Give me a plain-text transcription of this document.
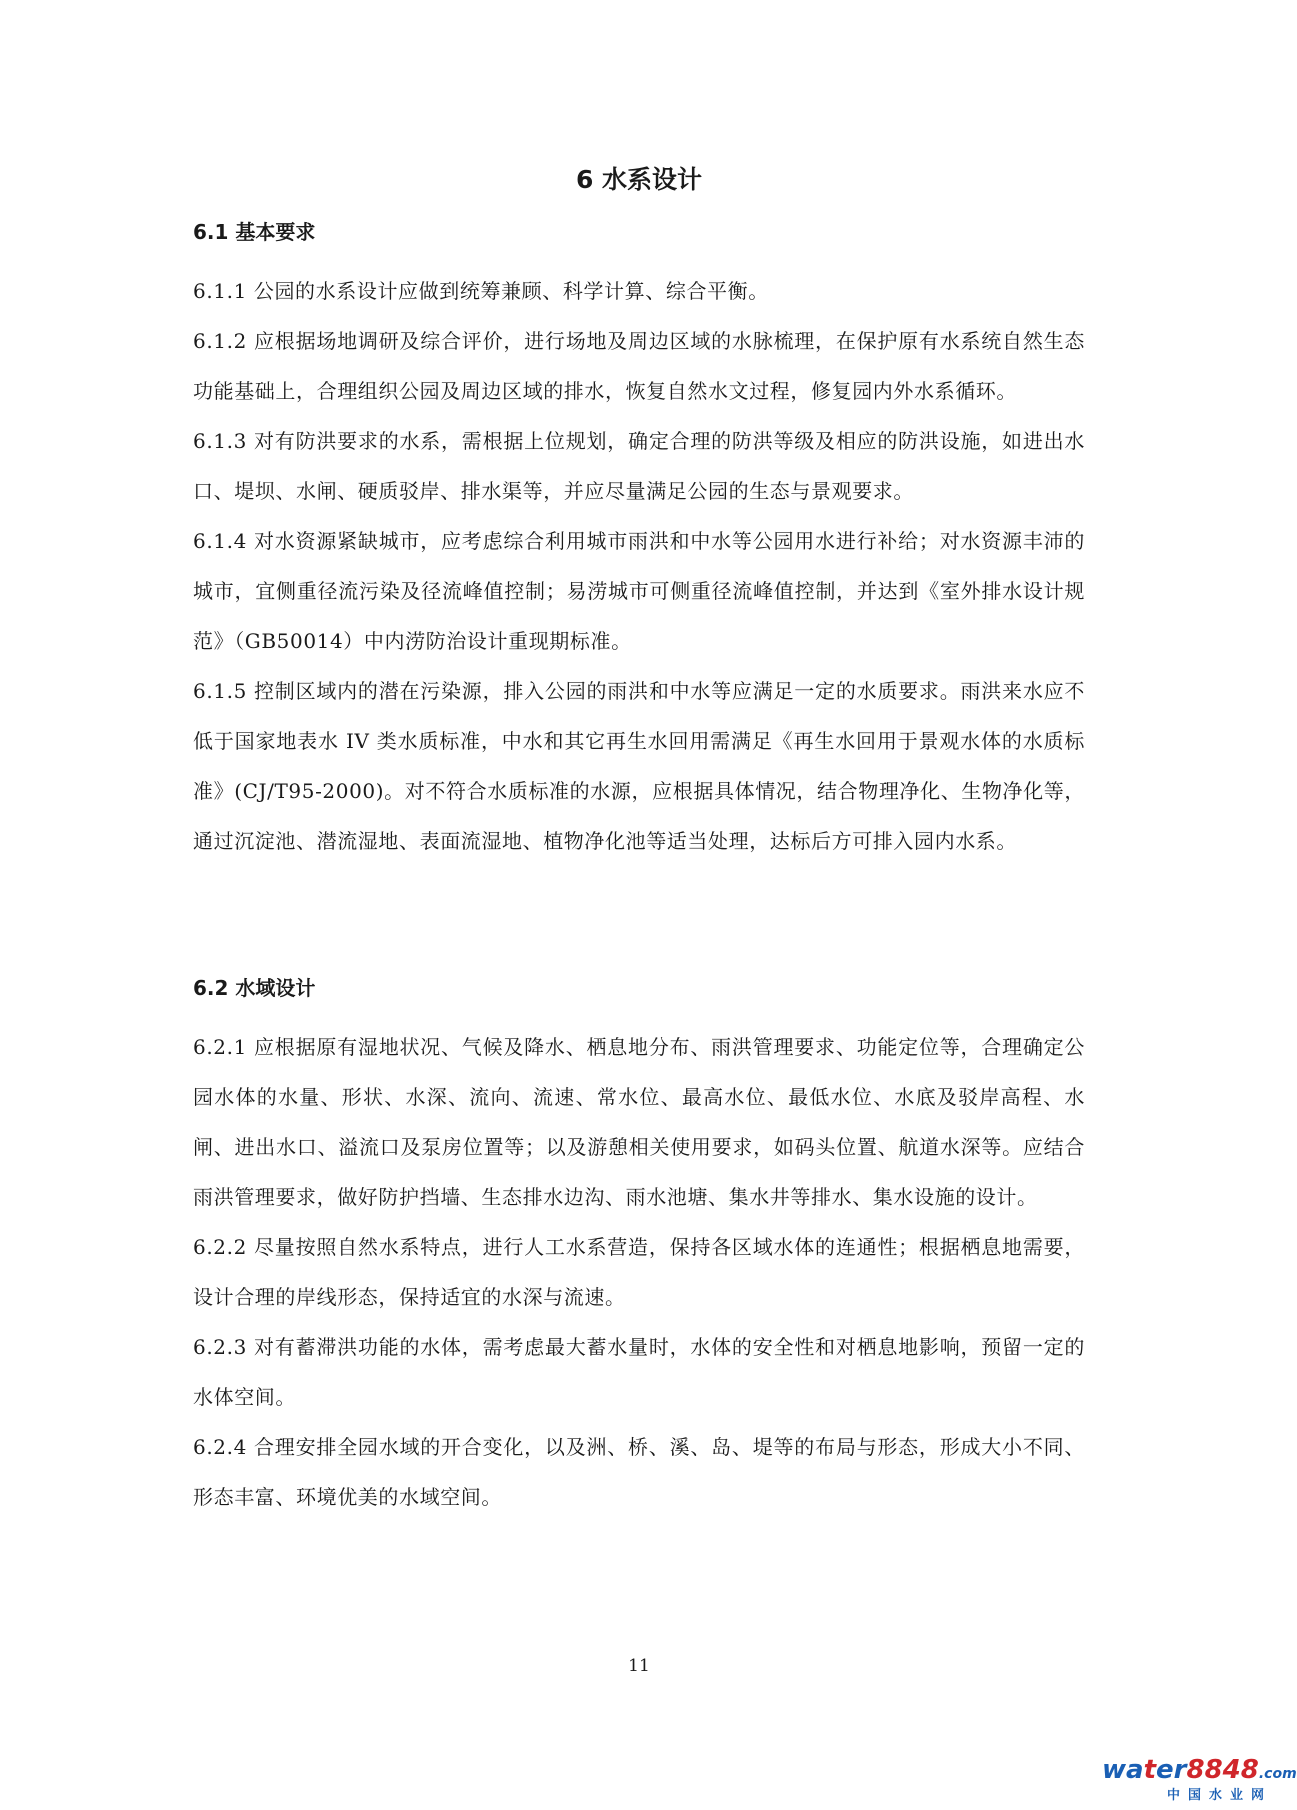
6 水系设计
6.1 基本要求

6.1.1 公园的水系设计应做到统筹兼顾、科学计算、综合平衡。

6.1.2 应根据场地调研及综合评价，进行场地及周边区域的水脉梳理，在保护原有水系统自然生态功能基础上，合理组织公园及周边区域的排水，恢复自然水文过程，修复园内外水系循环。

6.1.3 对有防洪要求的水系，需根据上位规划，确定合理的防洪等级及相应的防洪设施，如进出水口、堤坝、水闸、硬质驳岸、排水渠等，并应尽量满足公园的生态与景观要求。

6.1.4 对水资源紧缺城市，应考虑综合利用城市雨洪和中水等公园用水进行补给；对水资源丰沛的城市，宜侧重径流污染及径流峰值控制；易涝城市可侧重径流峰值控制，并达到《室外排水设计规范》（GB50014）中内涝防治设计重现期标准。

6.1.5 控制区域内的潜在污染源，排入公园的雨洪和中水等应满足一定的水质要求。雨洪来水应不低于国家地表水 IV 类水质标准，中水和其它再生水回用需满足《再生水回用于景观水体的水质标准》(CJ/T95-2000)。对不符合水质标准的水源，应根据具体情况，结合物理净化、生物净化等，通过沉淀池、潜流湿地、表面流湿地、植物净化池等适当处理，达标后方可排入园内水系。

6.2 水域设计

6.2.1 应根据原有湿地状况、气候及降水、栖息地分布、雨洪管理要求、功能定位等，合理确定公园水体的水量、形状、水深、流向、流速、常水位、最高水位、最低水位、水底及驳岸高程、水闸、进出水口、溢流口及泵房位置等；以及游憩相关使用要求，如码头位置、航道水深等。应结合雨洪管理要求，做好防护挡墙、生态排水边沟、雨水池塘、集水井等排水、集水设施的设计。

6.2.2 尽量按照自然水系特点，进行人工水系营造，保持各区域水体的连通性；根据栖息地需要，设计合理的岸线形态，保持适宜的水深与流速。

6.2.3 对有蓄滞洪功能的水体，需考虑最大蓄水量时，水体的安全性和对栖息地影响，预留一定的水体空间。

6.2.4 合理安排全园水域的开合变化，以及洲、桥、溪、岛、堤等的布局与形态，形成大小不同、形态丰富、环境优美的水域空间。

11

water8848.com
中国水业网
